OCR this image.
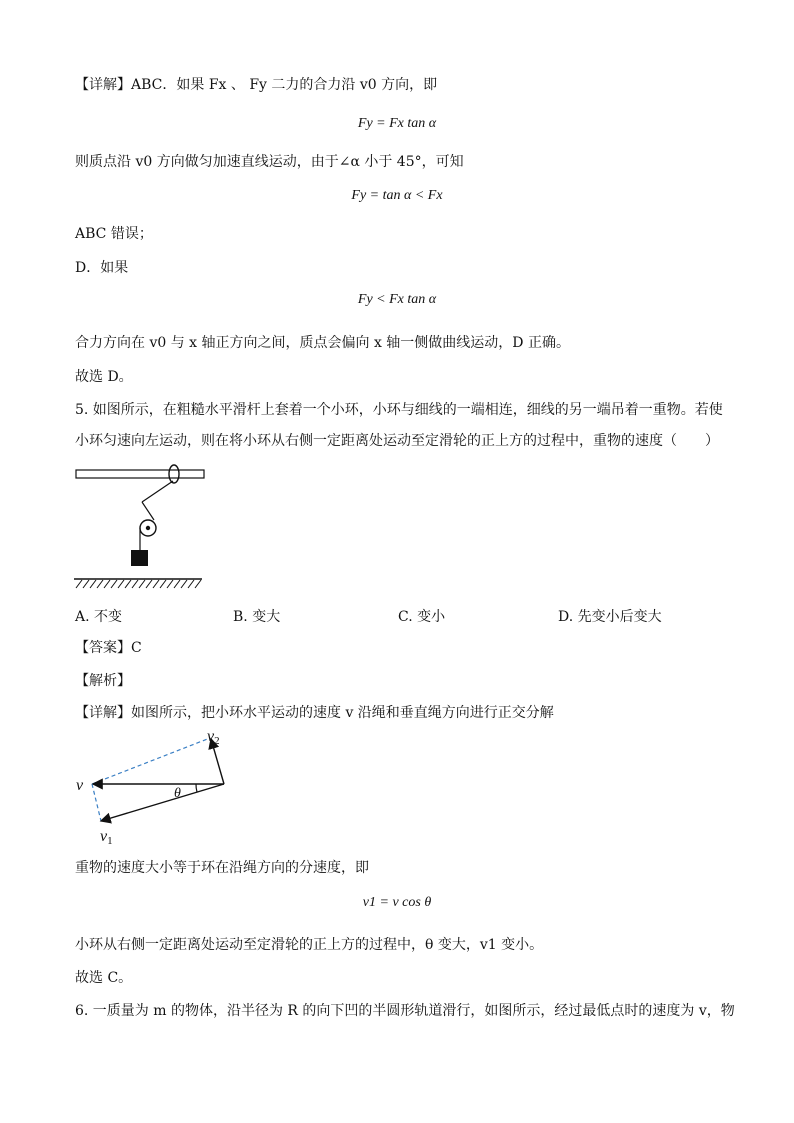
【详解】ABC．如果 Fx 、 Fy 二力的合力沿 v0 方向，即
Fy = Fx tan α
则质点沿 v0 方向做匀加速直线运动，由于∠α 小于 45°，可知
Fy = tan α < Fx
ABC 错误；
D．如果
Fy < Fx tan α
合力方向在 v0 与 x 轴正方向之间，质点会偏向 x 轴一侧做曲线运动，D 正确。
故选 D。
5. 如图所示，在粗糙水平滑杆上套着一个小环，小环与细线的一端相连，细线的另一端吊着一重物。若使
小环匀速向左运动，则在将小环从右侧一定距离处运动至定滑轮的正上方的过程中，重物的速度（　　）
A. 不变	B. 变大	C. 变小	D. 先变小后变大
【答案】C
【解析】
【详解】如图所示，把小环水平运动的速度 v 沿绳和垂直绳方向进行正交分解
v
v1
v2
θ
重物的速度大小等于环在沿绳方向的分速度，即
v1 = v cos θ
小环从右侧一定距离处运动至定滑轮的正上方的过程中，θ 变大，v1 变小。
故选 C。
6. 一质量为 m 的物体，沿半径为 R 的向下凹的半圆形轨道滑行，如图所示，经过最低点时的速度为 v，物
